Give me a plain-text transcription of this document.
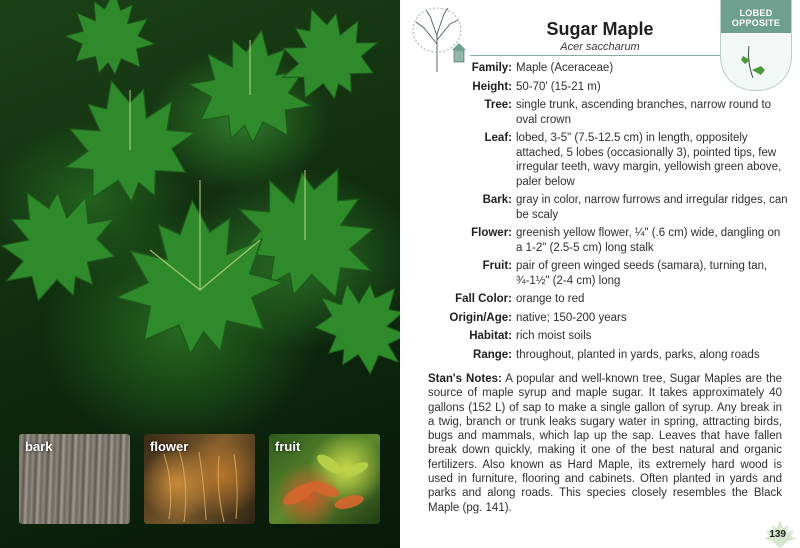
bark	flower	fruit
Sugar Maple
Acer saccharum
LOBED
OPPOSITE
Family: Maple (Aceraceae)
Height: 50-70' (15-21 m)
Tree: single trunk, ascending branches, narrow round to oval crown
Leaf: lobed, 3-5" (7.5-12.5 cm) in length, oppositely attached, 5 lobes (occasionally 3), pointed tips, few irregular teeth, wavy margin, yellowish green above, paler below
Bark: gray in color, narrow furrows and irregular ridges, can be scaly
Flower: greenish yellow flower, ¼" (.6 cm) wide, dangling on a 1-2" (2.5-5 cm) long stalk
Fruit: pair of green winged seeds (samara), turning tan, ¾-1½" (2-4 cm) long
Fall Color: orange to red
Origin/Age: native; 150-200 years
Habitat: rich moist soils
Range: throughout, planted in yards, parks, along roads
Stan's Notes: A popular and well-known tree, Sugar Maples are the source of maple syrup and maple sugar. It takes approximately 40 gallons (152 L) of sap to make a single gallon of syrup. Any break in a twig, branch or trunk leaks sugary water in spring, attracting birds, bugs and mammals, which lap up the sap. Leaves that have fallen break down quickly, making it one of the best natural and organic fertilizers. Also known as Hard Maple, its extremely hard wood is used in furniture, flooring and cabinets. Often planted in yards and parks and along roads. This species closely resembles the Black Maple (pg. 141).
139
